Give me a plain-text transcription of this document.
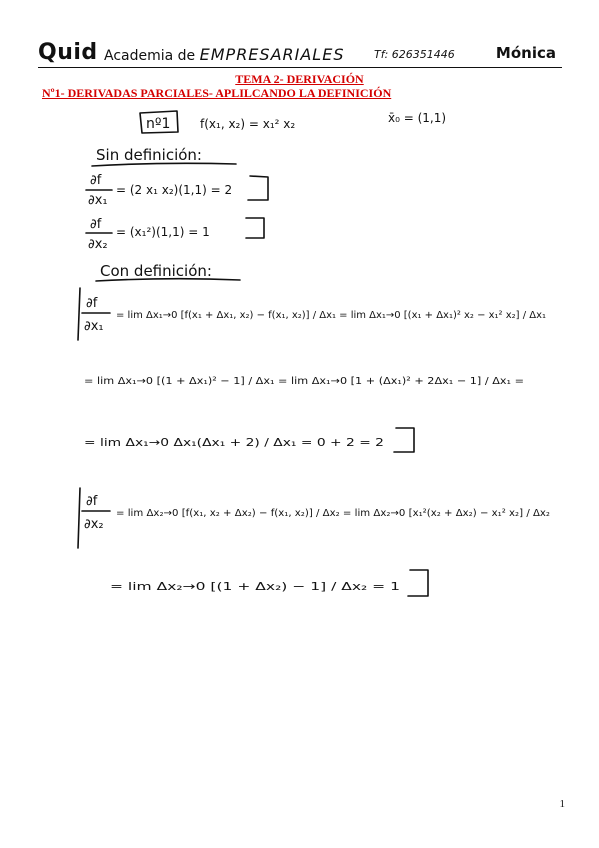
Quid Academia de EMPRESARIALES	Tf: 626351446	Mónica
TEMA 2- DERIVACIÓN
Nº1- DERIVADAS PARCIALES- APLILCANDO LA DEFINICIÓN
nº1 f(x₁, x₂) = x₁² x₂	x̄₀ = (1,1)
Sin definición:
∂f
∂x₁
= (2 x₁ x₂)(1,1) = 2
∂f
∂x₂
= (x₁²)(1,1) = 1
Con definición:
∂f
∂x₁
= lim Δx₁→0 [f(x₁ + Δx₁, x₂) − f(x₁, x₂)] / Δx₁ = lim Δx₁→0 [(x₁ + Δx₁)² x₂ − x₁² x₂] / Δx₁
= lim Δx₁→0 [(1 + Δx₁)² − 1] / Δx₁ = lim Δx₁→0 [1 + (Δx₁)² + 2Δx₁ − 1] / Δx₁ =
= lim Δx₁→0 Δx₁(Δx₁ + 2) / Δx₁ = 0 + 2 = 2
∂f
∂x₂
= lim Δx₂→0 [f(x₁, x₂ + Δx₂) − f(x₁, x₂)] / Δx₂ = lim Δx₂→0 [x₁²(x₂ + Δx₂) − x₁² x₂] / Δx₂
= lim Δx₂→0 [(1 + Δx₂) − 1] / Δx₂ = 1
1
